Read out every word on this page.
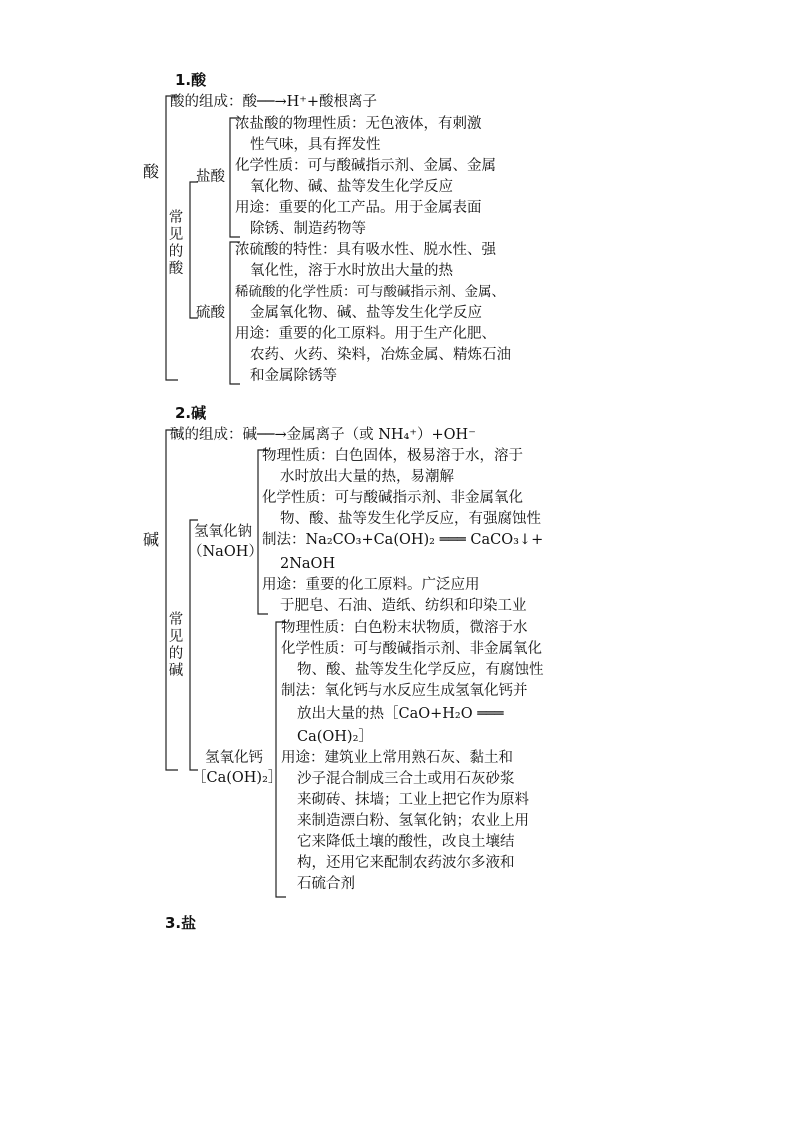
1.酸
酸
酸的组成：酸──→H⁺+酸根离子
常见的酸
盐酸
硫酸
浓盐酸的物理性质：无色液体，有刺激
性气味，具有挥发性
化学性质：可与酸碱指示剂、金属、金属
氧化物、碱、盐等发生化学反应
用途：重要的化工产品。用于金属表面
除锈、制造药物等
浓硫酸的特性：具有吸水性、脱水性、强
氧化性，溶于水时放出大量的热
稀硫酸的化学性质：可与酸碱指示剂、金属、
金属氧化物、碱、盐等发生化学反应
用途：重要的化工原料。用于生产化肥、
农药、火药、染料，冶炼金属、精炼石油
和金属除锈等
2.碱
碱
碱的组成：碱──→金属离子（或 NH₄⁺）+OH⁻
常见的碱
氢氧化钠
（NaOH）
氢氧化钙
［Ca(OH)₂］
物理性质：白色固体，极易溶于水，溶于
水时放出大量的热，易潮解
化学性质：可与酸碱指示剂、非金属氧化
物、酸、盐等发生化学反应，有强腐蚀性
制法：Na₂CO₃+Ca(OH)₂ ═══ CaCO₃↓+
2NaOH
用途：重要的化工原料。广泛应用
于肥皂、石油、造纸、纺织和印染工业
物理性质：白色粉末状物质，微溶于水
化学性质：可与酸碱指示剂、非金属氧化
物、酸、盐等发生化学反应，有腐蚀性
制法：氧化钙与水反应生成氢氧化钙并
放出大量的热［CaO+H₂O ═══
Ca(OH)₂］
用途：建筑业上常用熟石灰、黏土和
沙子混合制成三合土或用石灰砂浆
来砌砖、抹墙；工业上把它作为原料
来制造漂白粉、氢氧化钠；农业上用
它来降低土壤的酸性，改良土壤结
构，还用它来配制农药波尔多液和
石硫合剂
3.盐
